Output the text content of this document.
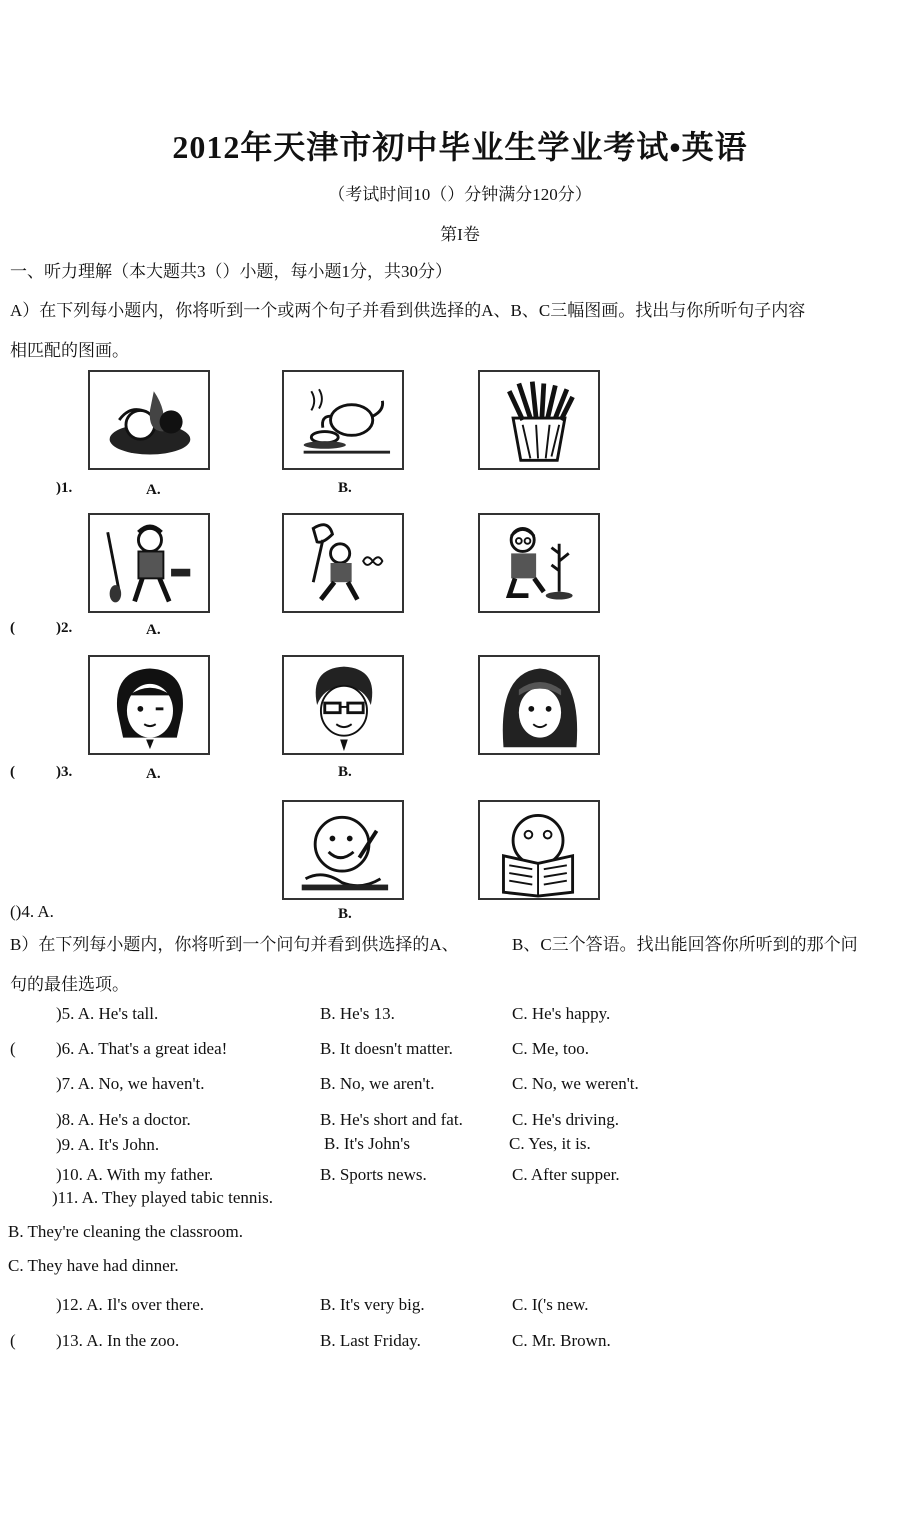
2012年天津市初中毕业生学业考试•英语
（考试时间10（）分钟满分120分）
第I卷
一、听力理解（本大题共3（）小题，每小题1分，共30分）
A）在下列每小题内，你将听到一个或两个句子并看到供选择的A、B、C三幅图画。找出与你所听句子内容
相匹配的图画。
)1.	A.	B.
(	)2.	A.
(	)3.	A.	B.
()4. A.	B.
B）在下列每小题内，你将听到一个问句并看到供选择的A、	B、C三个答语。找出能回答你所听到的那个问
句的最佳选项。
)5. A. He's tall.	B. He's 13.	C. He's happy.
( )6. A. That's a great idea!	B. It doesn't matter.	C. Me, too.
)7. A. No, we haven't.	B. No, we aren't.	C. No, we weren't.
)8. A. He's a doctor.	B. He's short and fat.	C. He's driving.
)9. A. It's John.	B. It's John's	C. Yes, it is.
)10. A. With my father.	B. Sports news.	C. After supper.
)11. A. They played tabic tennis.
B. They're cleaning the classroom.
C. They have had dinner.
)12. A. Il's over there.	B. It's very big.	C. I('s new.
( )13. A. In the zoo.	B. Last Friday.	C. Mr. Brown.
